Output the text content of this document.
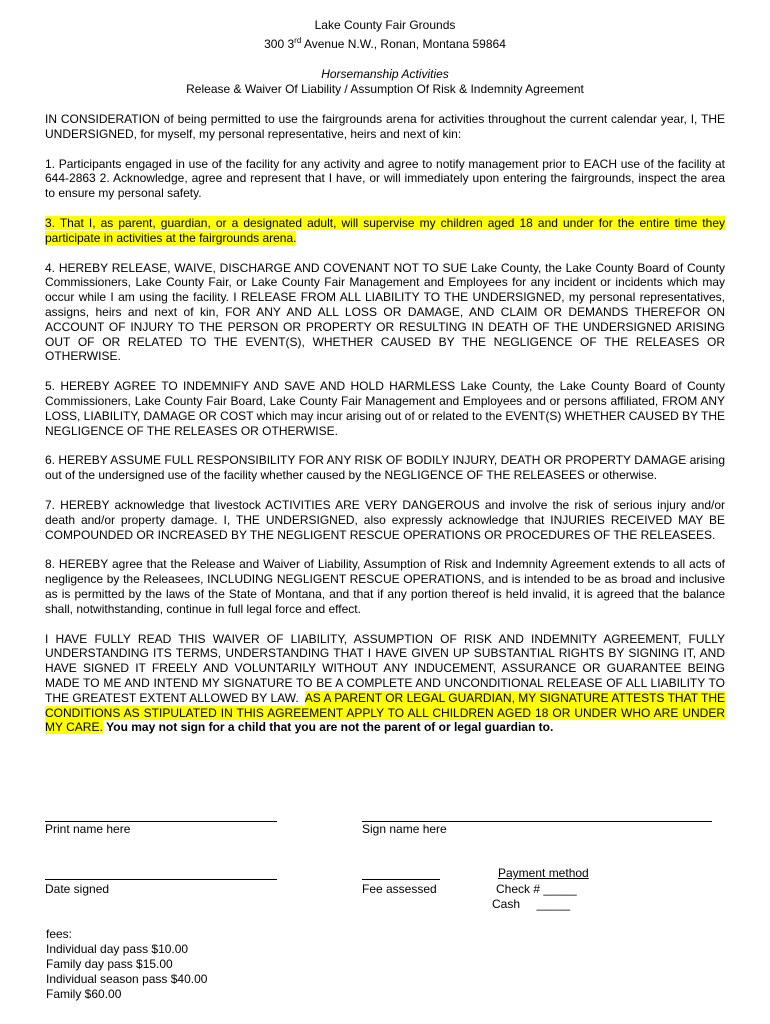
Lake County Fair Grounds
300 3rd Avenue N.W., Ronan, Montana 59864
Horsemanship Activities
Release & Waiver Of Liability / Assumption Of Risk & Indemnity Agreement

IN CONSIDERATION of being permitted to use the fairgrounds arena for activities throughout the current calendar year, I, THE UNDERSIGNED, for myself, my personal representative, heirs and next of kin:

1. Participants engaged in use of the facility for any activity and agree to notify management prior to EACH use of the facility at 644-2863 2. Acknowledge, agree and represent that I have, or will immediately upon entering the fairgrounds, inspect the area to ensure my personal safety.

3. That I, as parent, guardian, or a designated adult, will supervise my children aged 18 and under for the entire time they participate in activities at the fairgrounds arena.

4. HEREBY RELEASE, WAIVE, DISCHARGE AND COVENANT NOT TO SUE Lake County, the Lake County Board of County Commissioners, Lake County Fair, or Lake County Fair Management and Employees for any incident or incidents which may occur while I am using the facility. I RELEASE FROM ALL LIABILITY TO THE UNDERSIGNED, my personal representatives, assigns, heirs and next of kin, FOR ANY AND ALL LOSS OR DAMAGE, AND CLAIM OR DEMANDS THEREFOR ON ACCOUNT OF INJURY TO THE PERSON OR PROPERTY OR RESULTING IN DEATH OF THE UNDERSIGNED ARISING OUT OF OR RELATED TO THE EVENT(S), WHETHER CAUSED BY THE NEGLIGENCE OF THE RELEASES OR OTHERWISE.

5. HEREBY AGREE TO INDEMNIFY AND SAVE AND HOLD HARMLESS Lake County, the Lake County Board of County Commissioners, Lake County Fair Board, Lake County Fair Management and Employees and or persons affiliated, FROM ANY LOSS, LIABILITY, DAMAGE OR COST which may incur arising out of or related to the EVENT(S) WHETHER CAUSED BY THE NEGLIGENCE OF THE RELEASES OR OTHERWISE.

6. HEREBY ASSUME FULL RESPONSIBILITY FOR ANY RISK OF BODILY INJURY, DEATH OR PROPERTY DAMAGE arising out of the undersigned use of the facility whether caused by the NEGLIGENCE OF THE RELEASEES or otherwise.

7. HEREBY acknowledge that livestock ACTIVITIES ARE VERY DANGEROUS and involve the risk of serious injury and/or death and/or property damage. I, THE UNDERSIGNED, also expressly acknowledge that INJURIES RECEIVED MAY BE COMPOUNDED OR INCREASED BY THE NEGLIGENT RESCUE OPERATIONS OR PROCEDURES OF THE RELEASEES.

8. HEREBY agree that the Release and Waiver of Liability, Assumption of Risk and Indemnity Agreement extends to all acts of negligence by the Releasees, INCLUDING NEGLIGENT RESCUE OPERATIONS, and is intended to be as broad and inclusive as is permitted by the laws of the State of Montana, and that if any portion thereof is held invalid, it is agreed that the balance shall, notwithstanding, continue in full legal force and effect.

I HAVE FULLY READ THIS WAIVER OF LIABILITY, ASSUMPTION OF RISK AND INDEMNITY AGREEMENT, FULLY UNDERSTANDING ITS TERMS, UNDERSTANDING THAT I HAVE GIVEN UP SUBSTANTIAL RIGHTS BY SIGNING IT, AND HAVE SIGNED IT FREELY AND VOLUNTARILY WITHOUT ANY INDUCEMENT, ASSURANCE OR GUARANTEE BEING MADE TO ME AND INTEND MY SIGNATURE TO BE A COMPLETE AND UNCONDITIONAL RELEASE OF ALL LIABILITY TO THE GREATEST EXTENT ALLOWED BY LAW. AS A PARENT OR LEGAL GUARDIAN, MY SIGNATURE ATTESTS THAT THE CONDITIONS AS STIPULATED IN THIS AGREEMENT APPLY TO ALL CHILDREN AGED 18 OR UNDER WHO ARE UNDER MY CARE. You may not sign for a child that you are not the parent of or legal guardian to.

Print name here	Sign name here
Date signed	Fee assessed
Payment method
Check # _____
Cash     _____
fees:
Individual day pass $10.00
Family day pass $15.00
Individual season pass $40.00
Family $60.00
